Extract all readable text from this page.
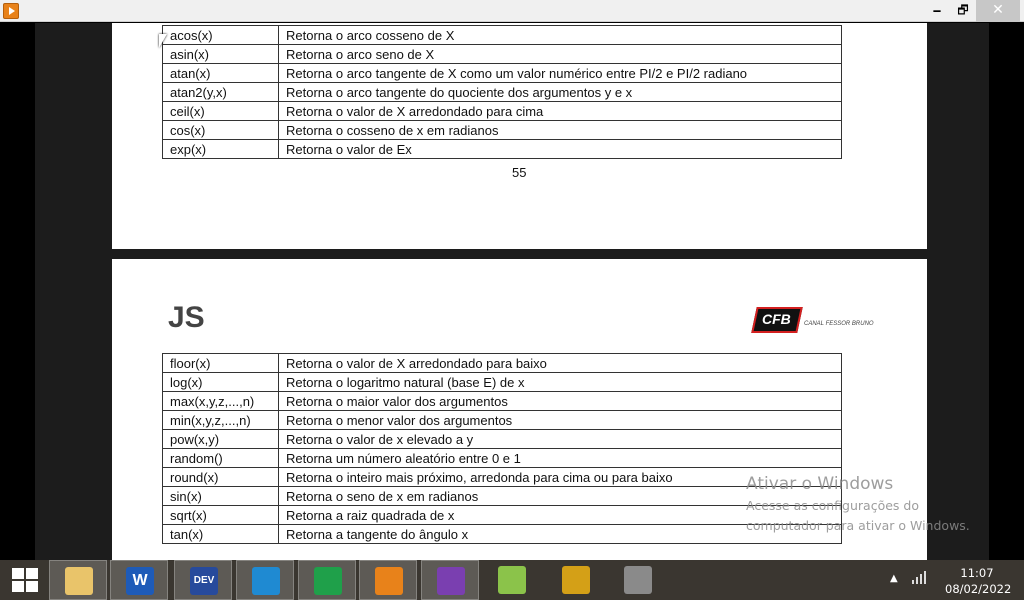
🗕	🗗	✕
acos(x)	Retorna o arco cosseno de X
asin(x)	Retorna o arco seno de X
atan(x)	Retorna o arco tangente de X como um valor numérico entre PI/2 e PI/2 radiano
atan2(y,x)	Retorna o arco tangente do quociente dos argumentos y e x
ceil(x)	Retorna o valor de X arredondado para cima
cos(x)	Retorna o cosseno de x em radianos
exp(x)	Retorna o valor de Ex
55
JS	CFB CANAL FESSOR BRUNO
floor(x)	Retorna o valor de X arredondado para baixo
log(x)	Retorna o logaritmo natural (base E) de x
max(x,y,z,...,n)	Retorna o maior valor dos argumentos
min(x,y,z,...,n)	Retorna o menor valor dos argumentos
pow(x,y)	Retorna o valor de x elevado a y
random()	Retorna um número aleatório entre 0 e 1
round(x)	Retorna o inteiro mais próximo, arredonda para cima ou para baixo
sin(x)	Retorna o seno de x em radianos
sqrt(x)	Retorna a raiz quadrada de x
tan(x)	Retorna a tangente do ângulo x
Ativar o Windows
Acesse as configurações do
computador para ativar o Windows.
W	DEV	▲	11:07
08/02/2022
